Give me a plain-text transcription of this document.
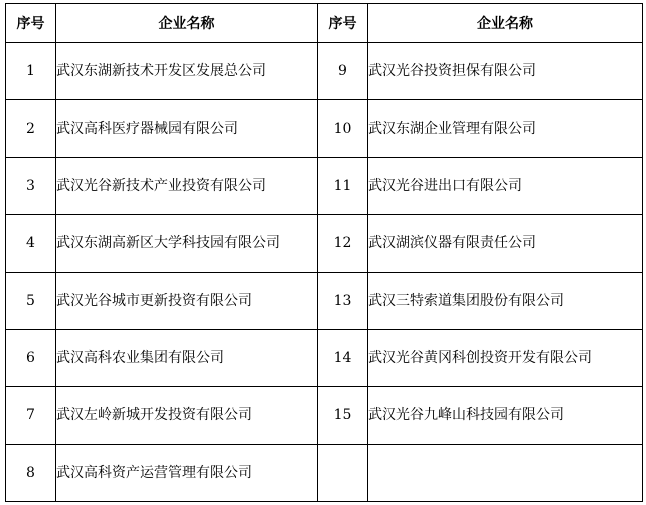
序号	企业名称	序号	企业名称
1	武汉东湖新技术开发区发展总公司	9	武汉光谷投资担保有限公司
2	武汉高科医疗器械园有限公司	10	武汉东湖企业管理有限公司
3	武汉光谷新技术产业投资有限公司	11	武汉光谷进出口有限公司
4	武汉东湖高新区大学科技园有限公司	12	武汉湖滨仪器有限责任公司
5	武汉光谷城市更新投资有限公司	13	武汉三特索道集团股份有限公司
6	武汉高科农业集团有限公司	14	武汉光谷黄冈科创投资开发有限公司
7	武汉左岭新城开发投资有限公司	15	武汉光谷九峰山科技园有限公司
8	武汉高科资产运营管理有限公司		
